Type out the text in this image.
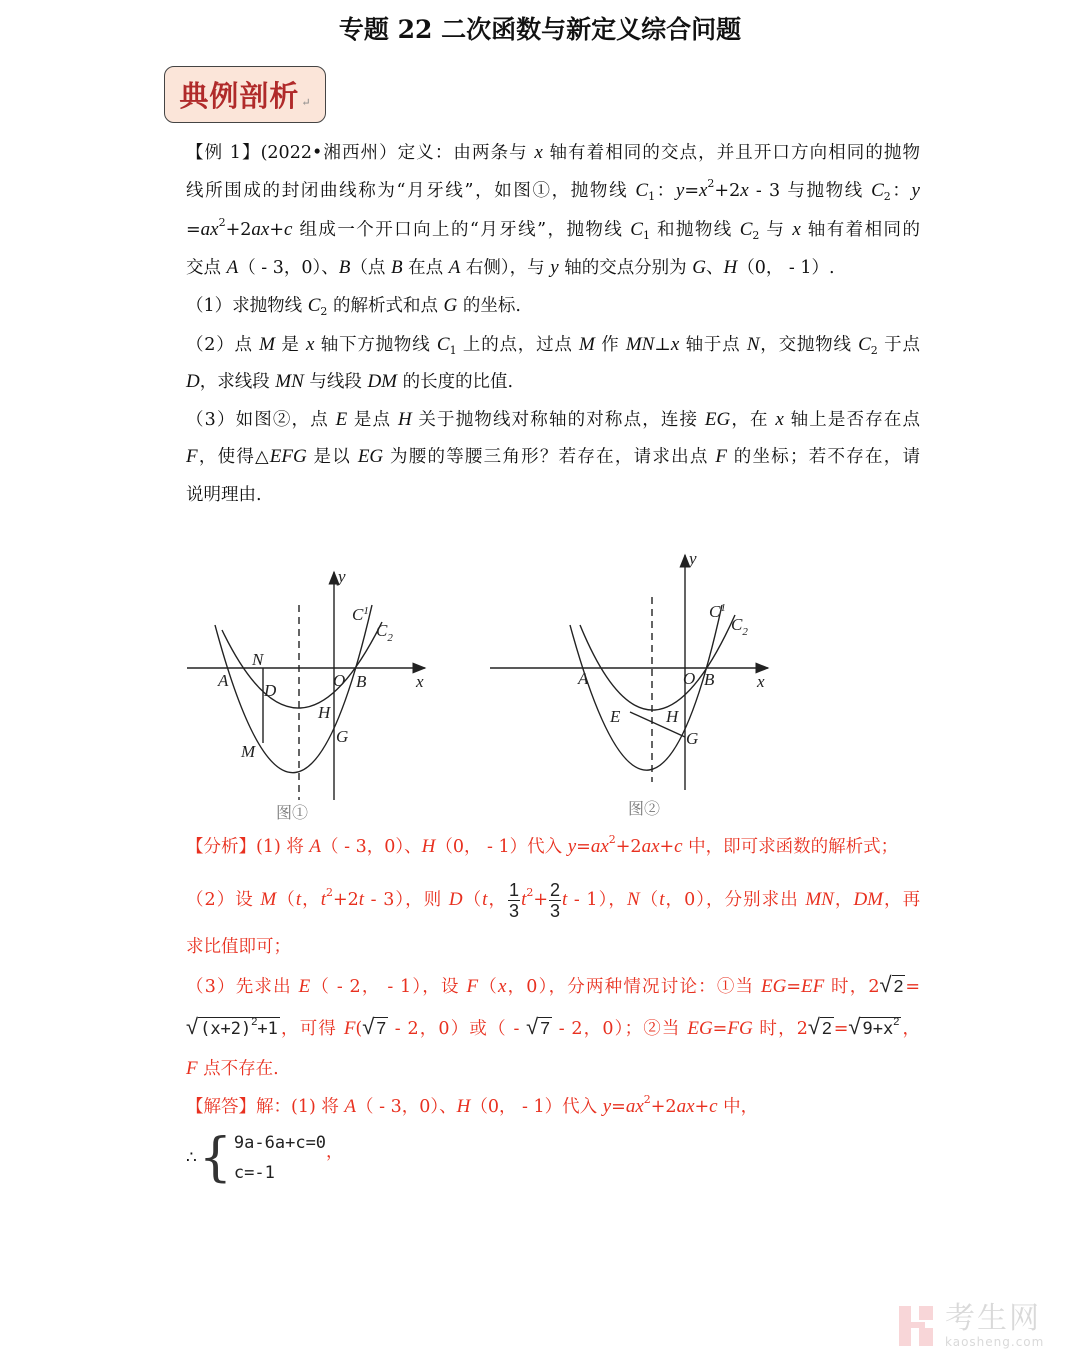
专题 22 二次函数与新定义综合问题
典例剖析 ↵
【例 1】(2022•湘西州）定义：由两条与 x 轴有着相同的交点，并且开口方向相同的抛物
线所围成的封闭曲线称为“月牙线”，如图①，抛物线 $C_1$：$y=x^2+2x - 3$ 与抛物线 $C_2$：y
$=ax^2+2ax+c$ 组成一个开口向上的“月牙线”，抛物线 $C_1$ 和抛物线 $C_2$ 与 x 轴有着相同的
交点 A（ - 3，0）、B（点 B 在点 A 右侧），与 y 轴的交点分别为 G、H（0， - 1）.
（1）求抛物线 $C_2$ 的解析式和点 G 的坐标.
（2）点 M 是 x 轴下方抛物线 $C_1$ 上的点，过点 M 作 MN⊥x 轴于点 N，交抛物线 $C_2$ 于点
D，求线段 MN 与线段 DM 的长度的比值.
（3）如图②，点 E 是点 H 关于抛物线对称轴的对称点，连接 EG，在 x 轴上是否存在点
F，使得△EFG 是以 EG 为腰的等腰三角形？若存在，请求出点 F 的坐标；若不存在，请
说明理由.
y
x
A	B
O
N
D
H
G
M
$C^1$
$C_2$
图①
y
x
A	B
O
E	H
G
$C^1$
$C_2$
图②
【分析】(1) 将 A（ - 3，0）、H（0， - 1）代入 $y=ax^2+2ax+c$ 中，即可求函数的解析式；
（2）设 M（t，$t^2+2t - 3$），则 D（t， $\frac{1}{3} t^2+ \frac{2}{3}$ t - 1），N（t，0），分别求出 MN，DM，再
求比值即可；
（3）先求出 E（ - 2， - 1），设 F（x，0），分两种情况讨论：①当 EG=EF 时，2√ 2 =
√ $(x+2)^2+1$ ，可得 F(√ 7 - 2，0）或（ - √ 7 - 2，0）；②当 EG=FG 时，2√ 2 =√ $9+x^2$ ，
F 点不存在.
【解答】解：(1) 将 A（ - 3，0）、H（0， - 1）代入 $y=ax^2+2ax+c$ 中，
∴ { 9a-6a+c=0
c=-1
，
考生网
kaosheng.com
